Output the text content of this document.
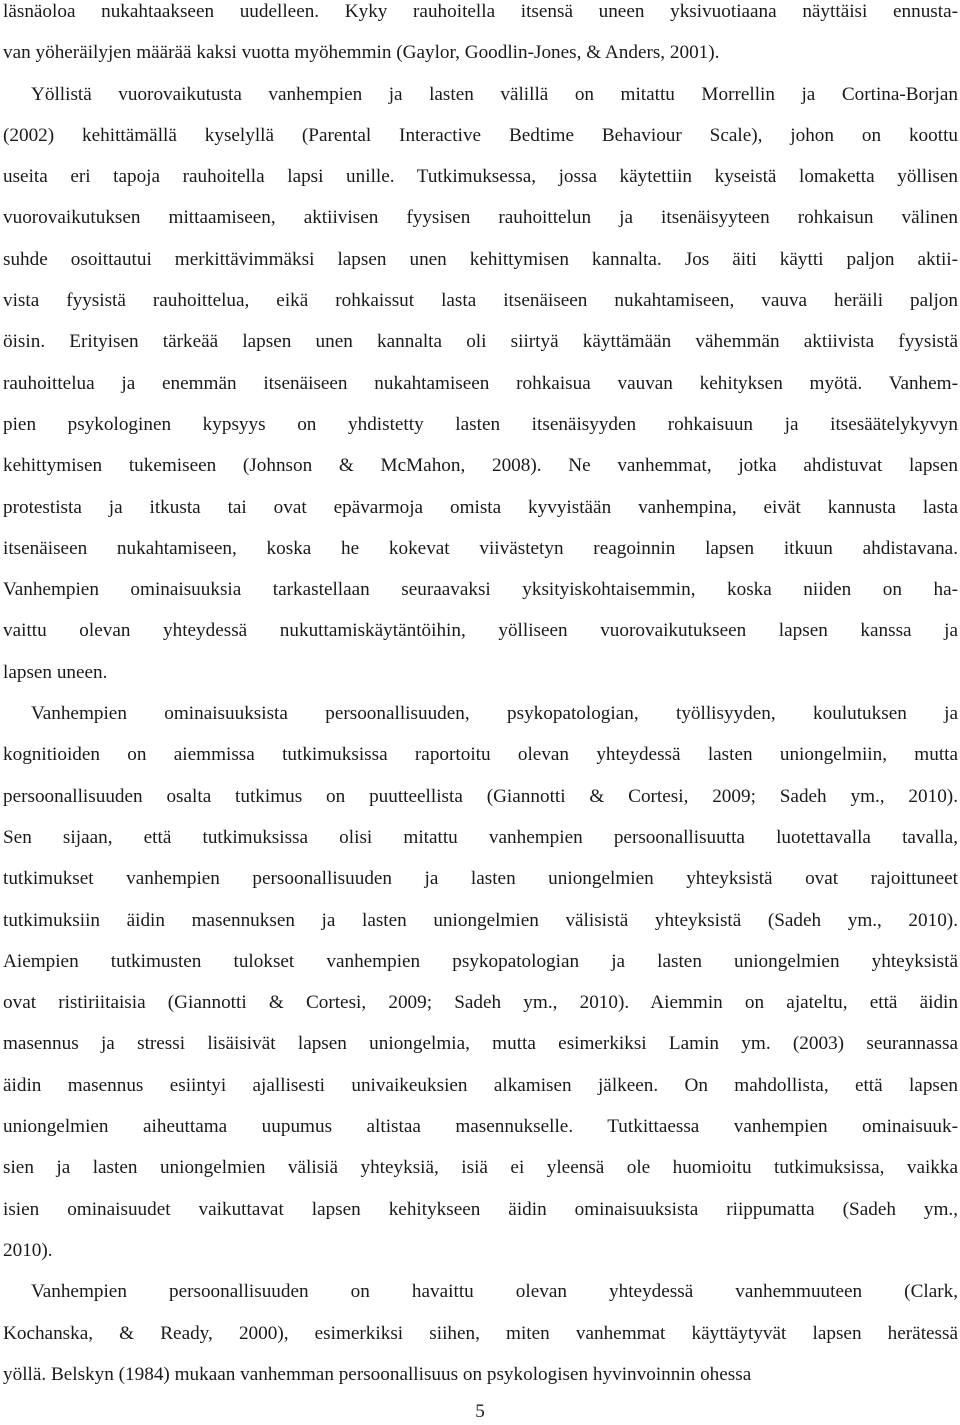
läsnäoloa nukahtaakseen uudelleen. Kyky rauhoitella itsensä uneen yksivuotiaana näyttäisi ennusta-
van yöheräilyjen määrää kaksi vuotta myöhemmin (Gaylor, Goodlin-Jones, & Anders, 2001).

Yöllistä vuorovaikutusta vanhempien ja lasten välillä on mitattu Morrellin ja Cortina-Borjan
(2002) kehittämällä kyselyllä (Parental Interactive Bedtime Behaviour Scale), johon on koottu
useita eri tapoja rauhoitella lapsi unille. Tutkimuksessa, jossa käytettiin kyseistä lomaketta yöllisen
vuorovaikutuksen mittaamiseen, aktiivisen fyysisen rauhoittelun ja itsenäisyyteen rohkaisun välinen
suhde osoittautui merkittävimmäksi lapsen unen kehittymisen kannalta. Jos äiti käytti paljon aktii-
vista fyysistä rauhoittelua, eikä rohkaissut lasta itsenäiseen nukahtamiseen, vauva heräili paljon
öisin. Erityisen tärkeää lapsen unen kannalta oli siirtyä käyttämään vähemmän aktiivista fyysistä
rauhoittelua ja enemmän itsenäiseen nukahtamiseen rohkaisua vauvan kehityksen myötä. Vanhem-
pien psykologinen kypsyys on yhdistetty lasten itsenäisyyden rohkaisuun ja itsesäätelykyvyn
kehittymisen tukemiseen (Johnson & McMahon, 2008). Ne vanhemmat, jotka ahdistuvat lapsen
protestista ja itkusta tai ovat epävarmoja omista kyvyistään vanhempina, eivät kannusta lasta
itsenäiseen nukahtamiseen, koska he kokevat viivästetyn reagoinnin lapsen itkuun ahdistavana.
Vanhempien ominaisuuksia tarkastellaan seuraavaksi yksityiskohtaisemmin, koska niiden on ha-
vaittu olevan yhteydessä nukuttamiskäytäntöihin, yölliseen vuorovaikutukseen lapsen kanssa ja
lapsen uneen.

Vanhempien ominaisuuksista persoonallisuuden, psykopatologian, työllisyyden, koulutuksen ja
kognitioiden on aiemmissa tutkimuksissa raportoitu olevan yhteydessä lasten uniongelmiin, mutta
persoonallisuuden osalta tutkimus on puutteellista (Giannotti & Cortesi, 2009; Sadeh ym., 2010).
Sen sijaan, että tutkimuksissa olisi mitattu vanhempien persoonallisuutta luotettavalla tavalla,
tutkimukset vanhempien persoonallisuuden ja lasten uniongelmien yhteyksistä ovat rajoittuneet
tutkimuksiin äidin masennuksen ja lasten uniongelmien välisistä yhteyksistä (Sadeh ym., 2010).
Aiempien tutkimusten tulokset vanhempien psykopatologian ja lasten uniongelmien yhteyksistä
ovat ristiriitaisia (Giannotti & Cortesi, 2009; Sadeh ym., 2010). Aiemmin on ajateltu, että äidin
masennus ja stressi lisäisivät lapsen uniongelmia, mutta esimerkiksi Lamin ym. (2003) seurannassa
äidin masennus esiintyi ajallisesti univaikeuksien alkamisen jälkeen. On mahdollista, että lapsen
uniongelmien aiheuttama uupumus altistaa masennukselle. Tutkittaessa vanhempien ominaisuuk-
sien ja lasten uniongelmien välisiä yhteyksiä, isiä ei yleensä ole huomioitu tutkimuksissa, vaikka
isien ominaisuudet vaikuttavat lapsen kehitykseen äidin ominaisuuksista riippumatta (Sadeh ym.,
2010).

Vanhempien persoonallisuuden on havaittu olevan yhteydessä vanhemmuuteen (Clark,
Kochanska, & Ready, 2000), esimerkiksi siihen, miten vanhemmat käyttäytyvät lapsen herätessä
yöllä. Belskyn (1984) mukaan vanhemman persoonallisuus on psykologisen hyvinvoinnin ohessa

5
